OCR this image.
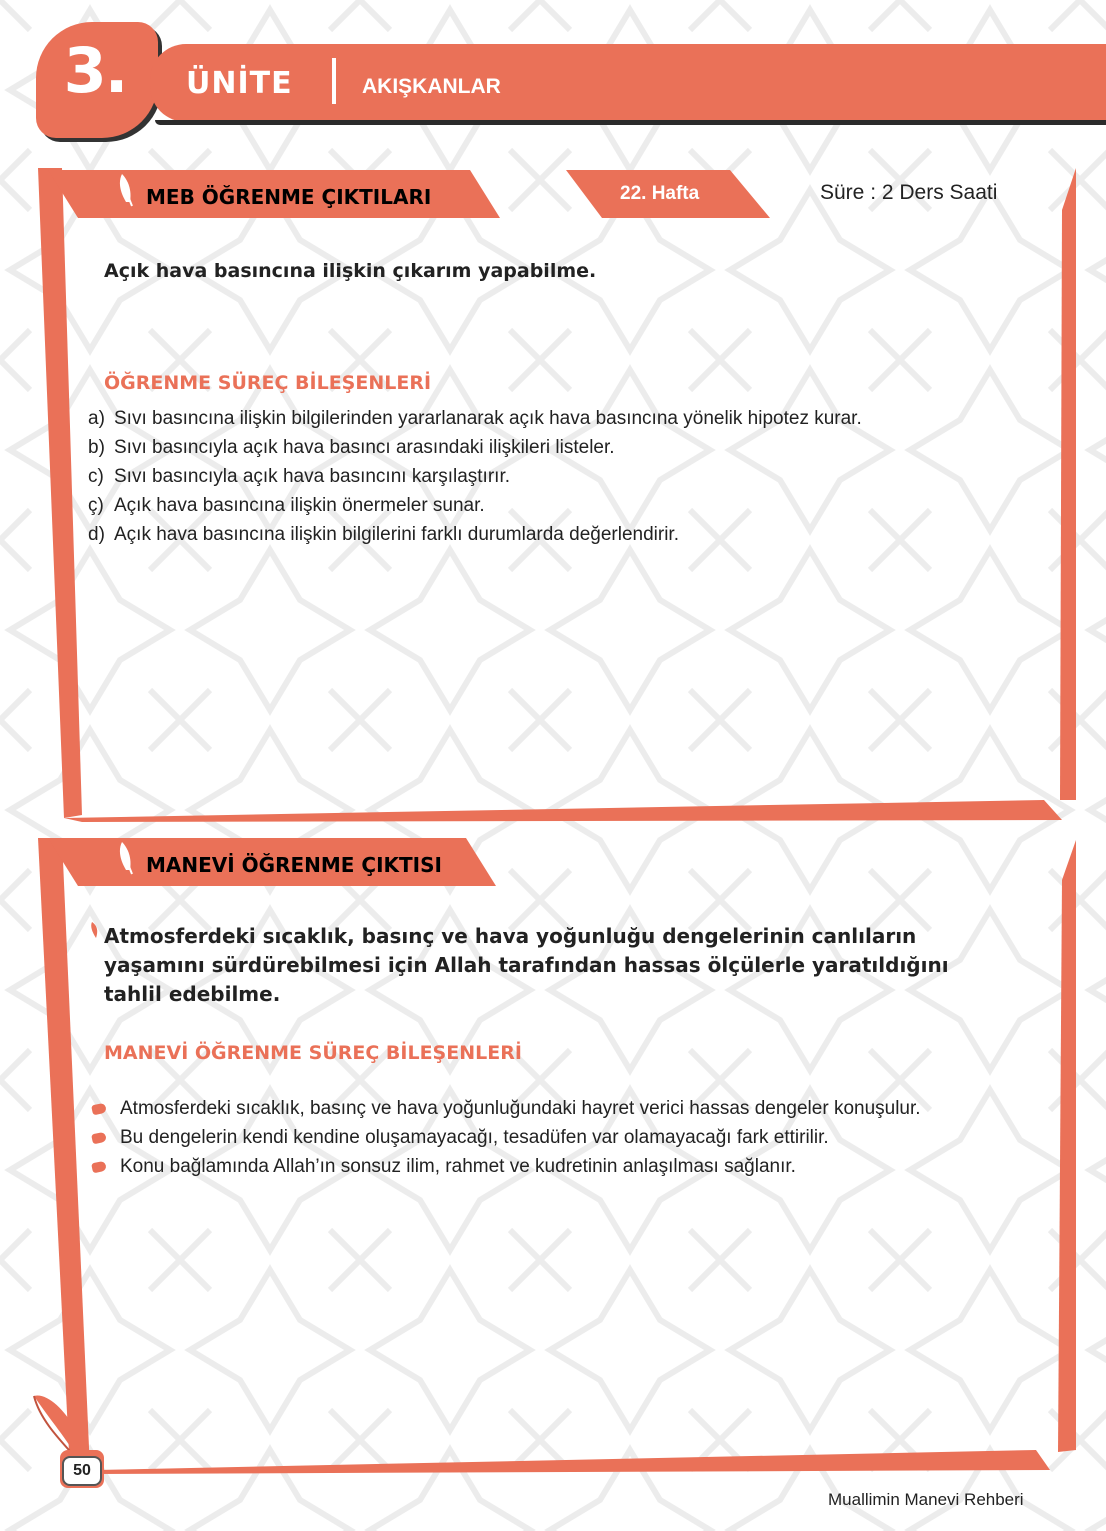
3.	ÜNİTE	AKIŞKANLAR
MEB ÖĞRENME ÇIKTILARI
MANEVİ ÖĞRENME ÇIKTISI
22. Hafta	Süre : 2 Ders Saati
Açık hava basıncına ilişkin çıkarım yapabilme.
ÖĞRENME SÜREÇ BİLEŞENLERİ
a) Sıvı basıncına ilişkin bilgilerinden yararlanarak açık hava basıncına yönelik hipotez kurar.
b) Sıvı basıncıyla açık hava basıncı arasındaki ilişkileri listeler.
c) Sıvı basıncıyla açık hava basıncını karşılaştırır.
ç) Açık hava basıncına ilişkin önermeler sunar.
d) Açık hava basıncına ilişkin bilgilerini farklı durumlarda değerlendirir.
Atmosferdeki sıcaklık, basınç ve hava yoğunluğu dengelerinin canlıların
yaşamını sürdürebilmesi için Allah tarafından hassas ölçülerle yaratıldığını
tahlil edebilme.
MANEVİ ÖĞRENME SÜREÇ BİLEŞENLERİ
Atmosferdeki sıcaklık, basınç ve hava yoğunluğundaki hayret verici hassas dengeler konuşulur.
Bu dengelerin kendi kendine oluşamayacağı, tesadüfen var olamayacağı fark ettirilir.
Konu bağlamında Allah’ın sonsuz ilim, rahmet ve kudretinin anlaşılması sağlanır.
50
Muallimin Manevi Rehberi
